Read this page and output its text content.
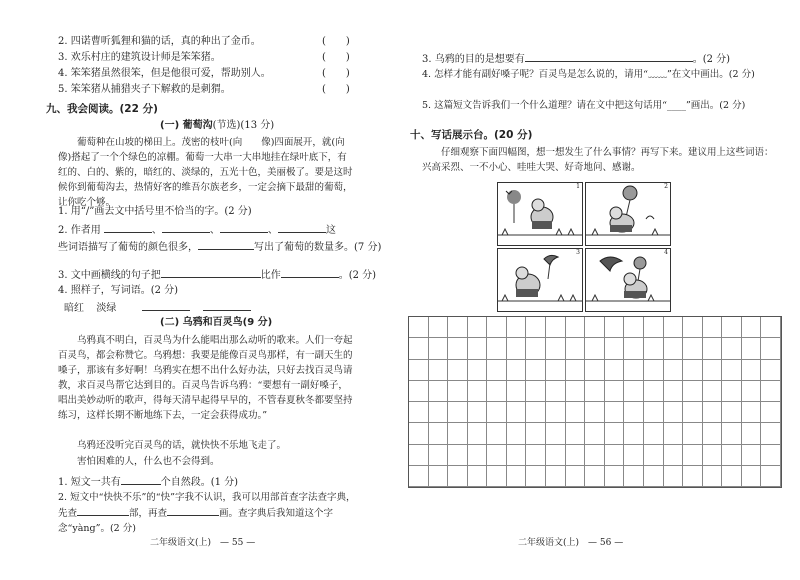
2. 四诺曹听狐狸和猫的话，真的种出了金币。	(　　)
3. 欢乐村庄的建筑设计师是笨笨猪。	(　　)
4. 笨笨猪虽然很笨，但是他很可爱，帮助别人。	(　　)
5. 笨笨猪从捕猎夹子下解救的是刺猬。	(　　)
九、我会阅读。(22 分)
(一) 葡萄沟(节选)(13 分)
葡萄种在山坡的梯田上。茂密的枝叶(向　　像)四面展开，就(向　　像)搭起了一个个绿色的凉棚。葡萄一大串一大串地挂在绿叶底下，有红的、白的、紫的，暗红的、淡绿的，五光十色，美丽极了。要是这时候你到葡萄沟去，热情好客的维吾尔族老乡，一定会摘下最甜的葡萄，让你吃个够。
1. 用“/”画去文中括号里不恰当的字。(2 分)
2. 作者用	、	、	、	这
些词语描写了葡萄的颜色很多，	写出了葡萄的数量多。(7 分)
3. 文中画横线的句子把	比作	。(2 分)
4. 照样子，写词语。(2 分)
暗红 淡绿
(二) 乌鸦和百灵鸟(9 分)
乌鸦真不明白，百灵鸟为什么能唱出那么动听的歌来。人们一夸起百灵鸟，都会称赞它。乌鸦想：我要是能像百灵鸟那样，有一副天生的嗓子，那该有多好啊！乌鸦实在想不出什么好办法，只好去找百灵鸟请教，求百灵鸟帮它达到目的。百灵鸟告诉乌鸦：“要想有一副好嗓子，唱出美妙动听的歌声，得每天清早起得早早的，不管春夏秋冬都要坚持练习，这样长期不断地练下去，一定会获得成功。”
乌鸦还没听完百灵鸟的话，就快快不乐地飞走了。
害怕困难的人，什么也不会得到。
1. 短文一共有	个自然段。(1 分)
2. 短文中“快快不乐”的“快”字我不认识，我可以用部首查字法查字典，先查	部，再查	画。查字典后我知道这个字念“yàng”。(2 分)
二年级语文(上)　— 55 —
3. 乌鸦的目的是想要有	。(2 分)
4. 怎样才能有副好嗓子呢？百灵鸟是怎么说的，请用“﹏﹏”在文中画出。(2 分)
5. 这篇短文告诉我们一个什么道理？请在文中把这句话用“____”画出。(2 分)
十、写话展示台。(20 分)
仔细观察下面四幅图，想一想发生了什么事情？再写下来。建议用上这些词语：兴高采烈、一不小心、哇哇大哭、好奇地问、感谢。
1	2
3	4
二年级语文(上)　— 56 —
